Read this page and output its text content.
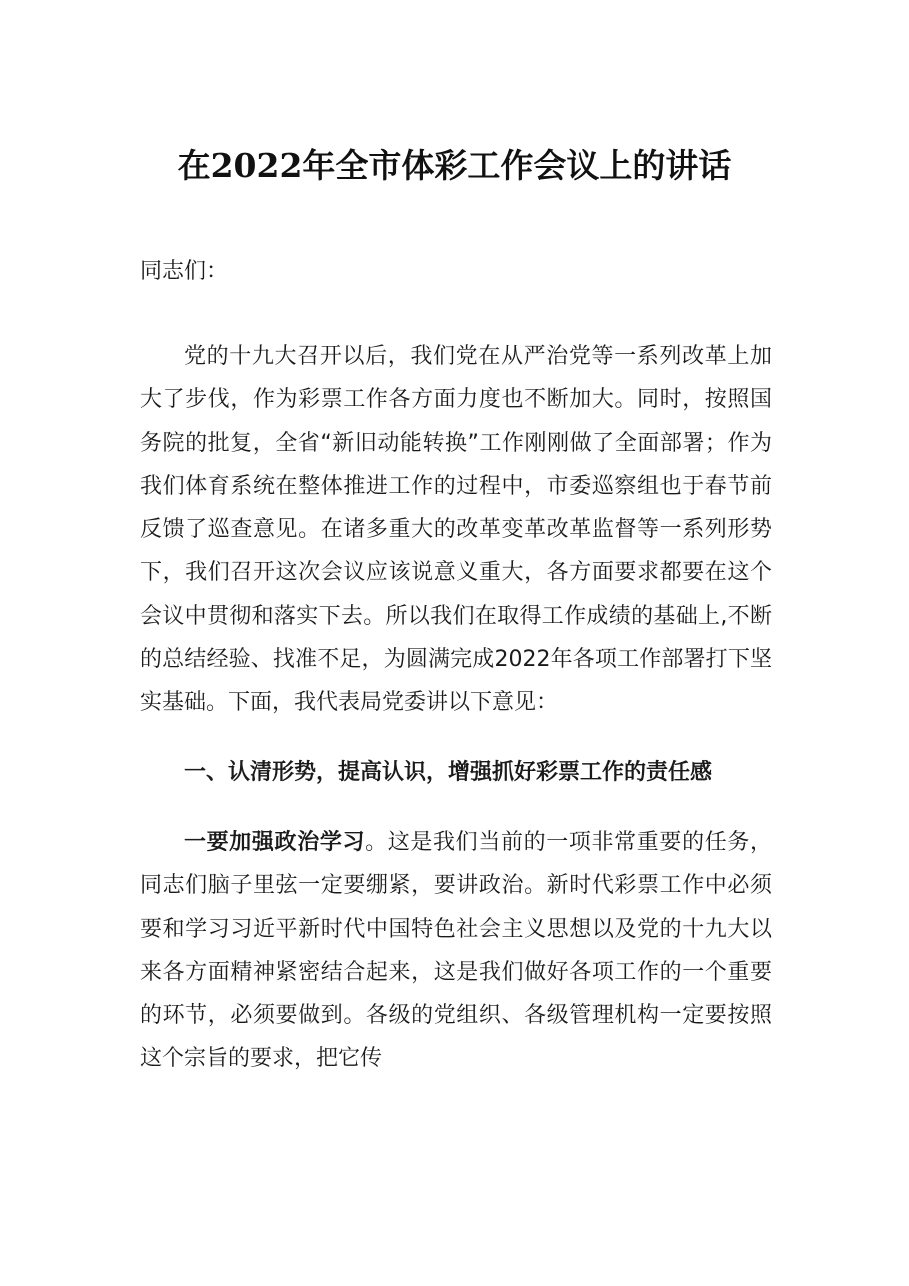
在2022年全市体彩工作会议上的讲话
同志们：

党的十九大召开以后，我们党在从严治党等一系列改革上加大了步伐，作为彩票工作各方面力度也不断加大。同时，按照国务院的批复，全省“新旧动能转换”工作刚刚做了全面部署；作为我们体育系统在整体推进工作的过程中，市委巡察组也于春节前反馈了巡查意见。在诸多重大的改革变革改革监督等一系列形势下，我们召开这次会议应该说意义重大，各方面要求都要在这个会议中贯彻和落实下去。所以我们在取得工作成绩的基础上,不断的总结经验、找准不足，为圆满完成2022年各项工作部署打下坚实基础。下面，我代表局党委讲以下意见：

一、认清形势，提高认识，增强抓好彩票工作的责任感

一要加强政治学习。这是我们当前的一项非常重要的任务，同志们脑子里弦一定要绷紧，要讲政治。新时代彩票工作中必须要和学习习近平新时代中国特色社会主义思想以及党的十九大以来各方面精神紧密结合起来，这是我们做好各项工作的一个重要的环节，必须要做到。各级的党组织、各级管理机构一定要按照这个宗旨的要求，把它传
